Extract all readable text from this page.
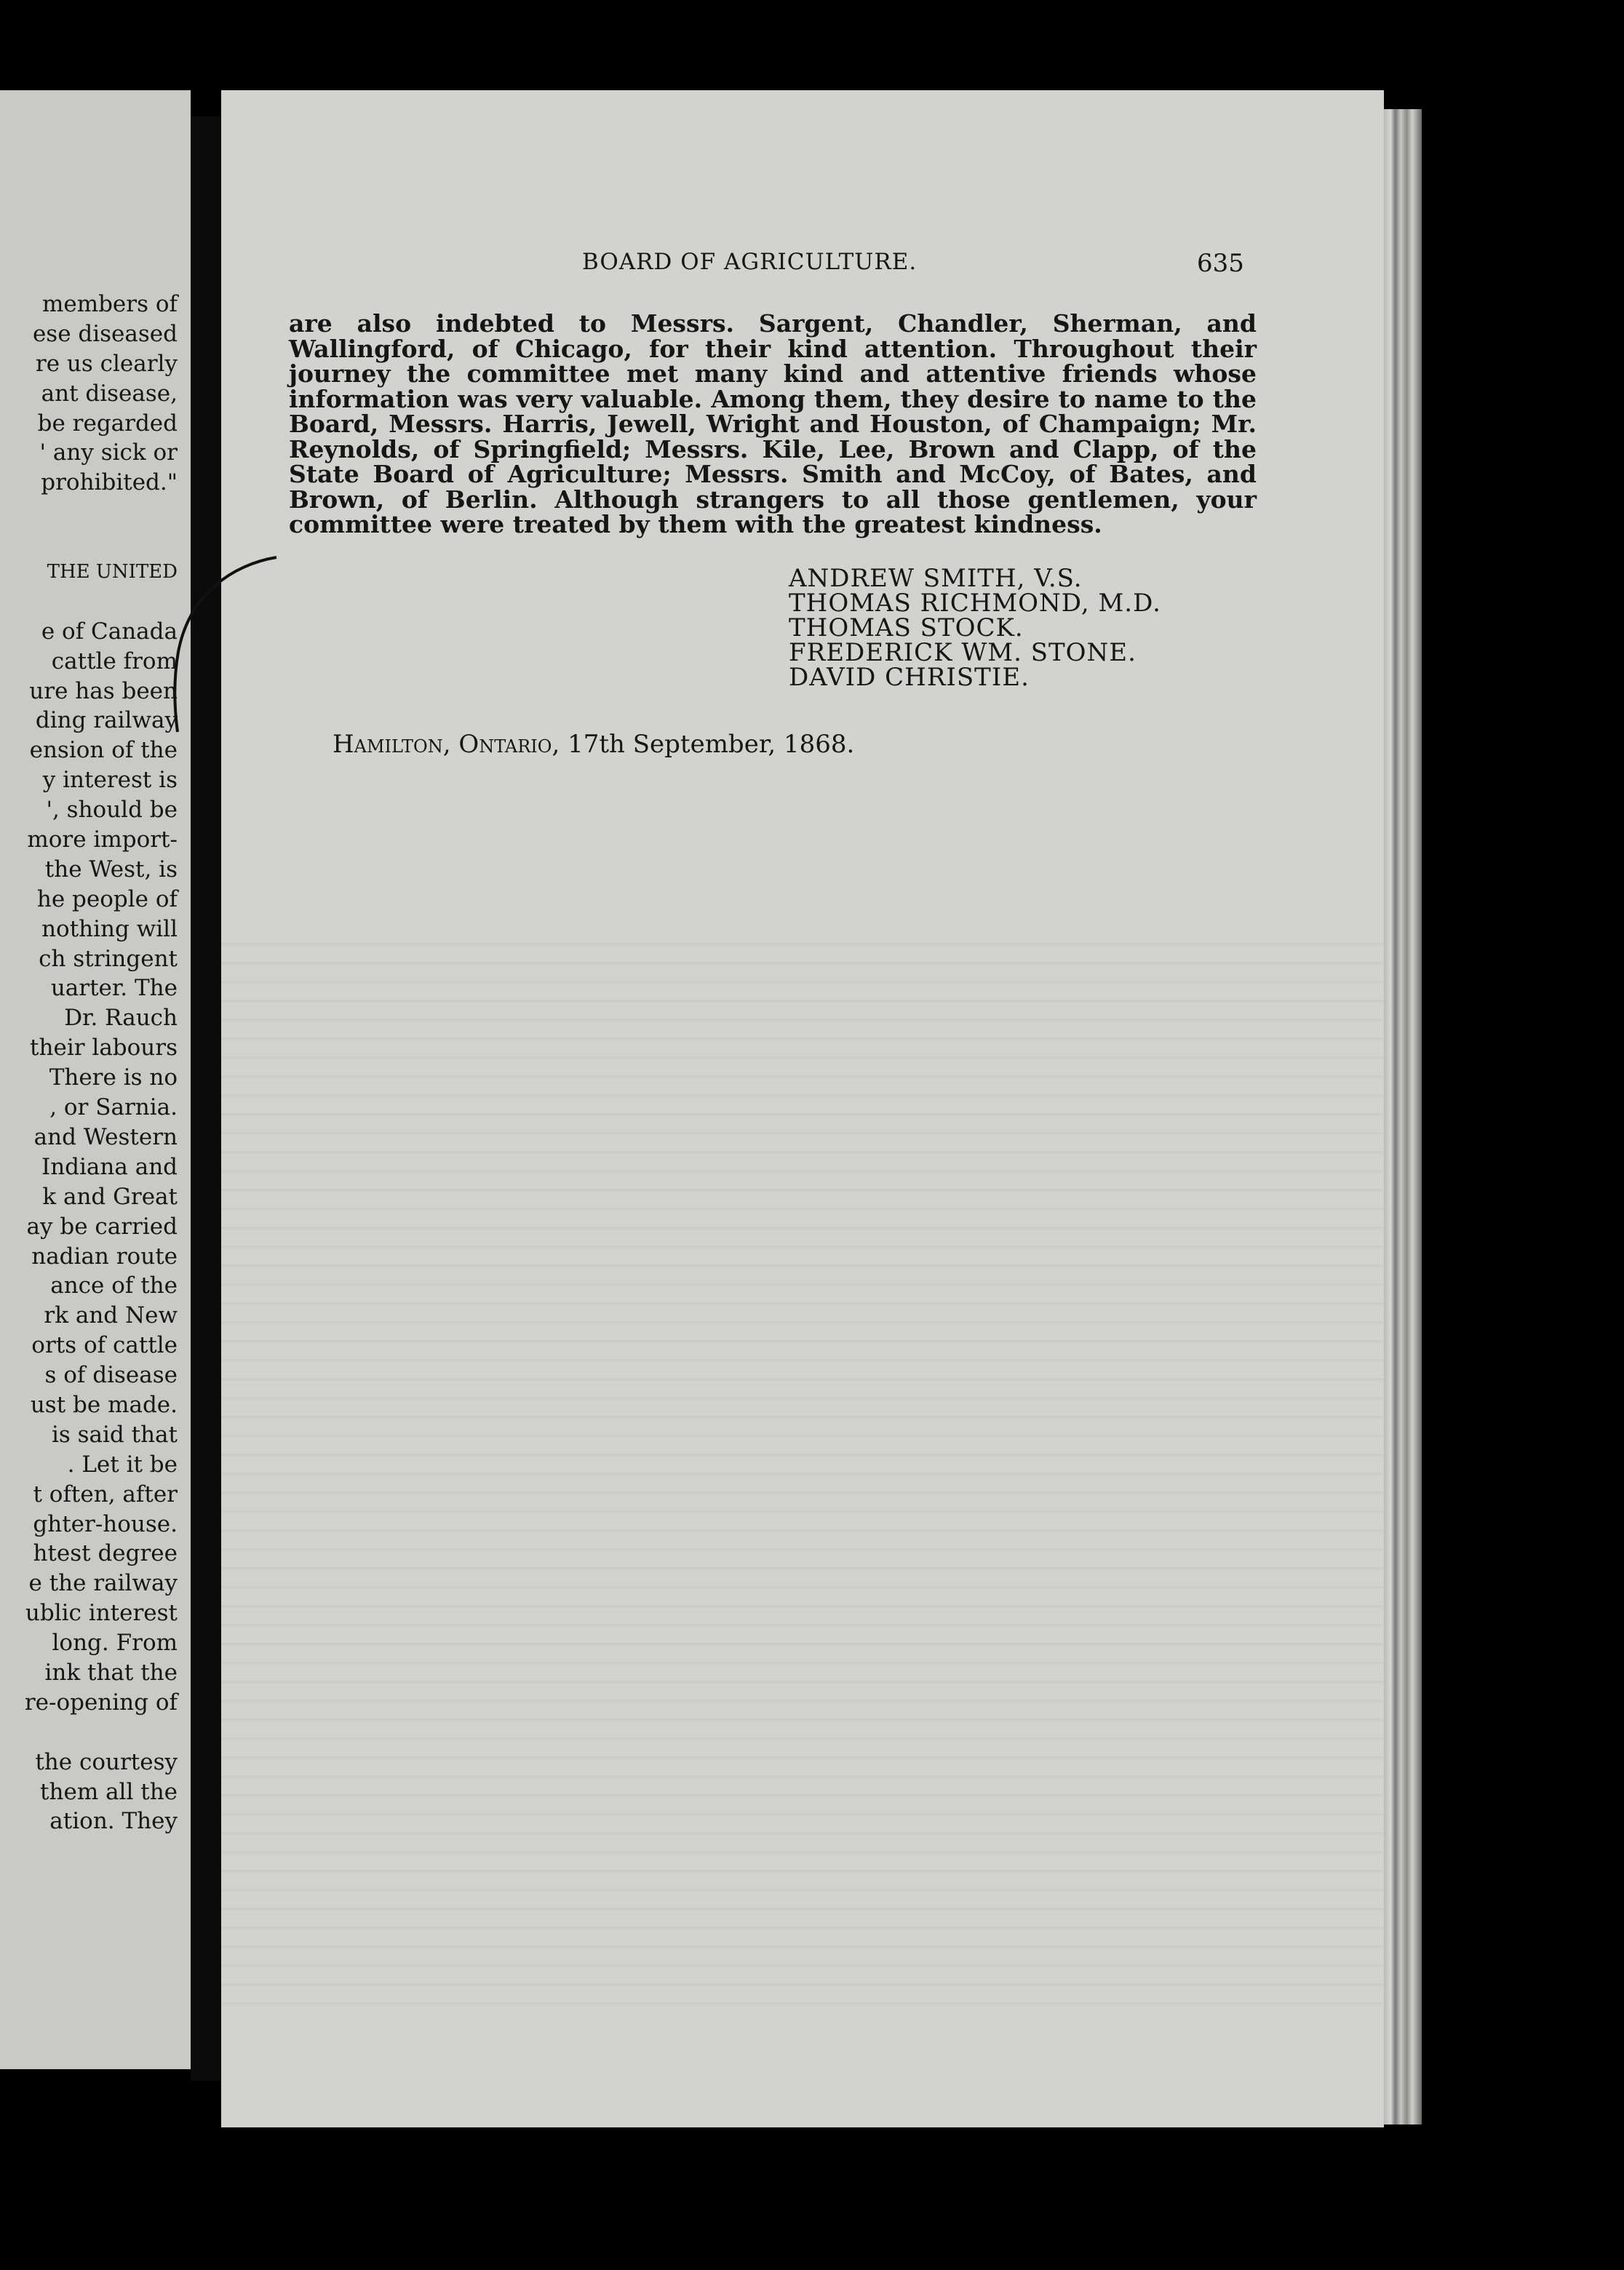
members of
ese diseased
re us clearly
ant disease,
be regarded
' any sick or
prohibited."
THE UNITED
e of Canada
cattle from
ure has been
ding railway
ension of the
y interest is
', should be
more import-
the West, is
he people of
nothing will
ch stringent
uarter. The
Dr. Rauch
their labours
There is no
, or Sarnia.
and Western
Indiana and
k and Great
ay be carried
nadian route
ance of the
rk and New
orts of cattle
s of disease
ust be made.
is said that
. Let it be
t often, after
ghter-house.
htest degree
e the railway
ublic interest
long. From
ink that the
re-opening of
the courtesy
them all the
ation. They
BOARD OF AGRICULTURE.	635
are also indebted to Messrs. Sargent, Chandler, Sherman, and Wallingford, of Chicago, for their kind attention. Throughout their journey the committee met many kind and attentive friends whose information was very valuable. Among them, they desire to name to the Board, Messrs. Harris, Jewell, Wright and Houston, of Champaign; Mr. Reynolds, of Springfield; Messrs. Kile, Lee, Brown and Clapp, of the State Board of Agriculture; Messrs. Smith and McCoy, of Bates, and Brown, of Berlin. Although strangers to all those gentlemen, your committee were treated by them with the greatest kindness.
ANDREW SMITH, V.S.
THOMAS RICHMOND, M.D.
THOMAS STOCK.
FREDERICK WM. STONE.
DAVID CHRISTIE.
Hamilton, Ontario, 17th September, 1868.
